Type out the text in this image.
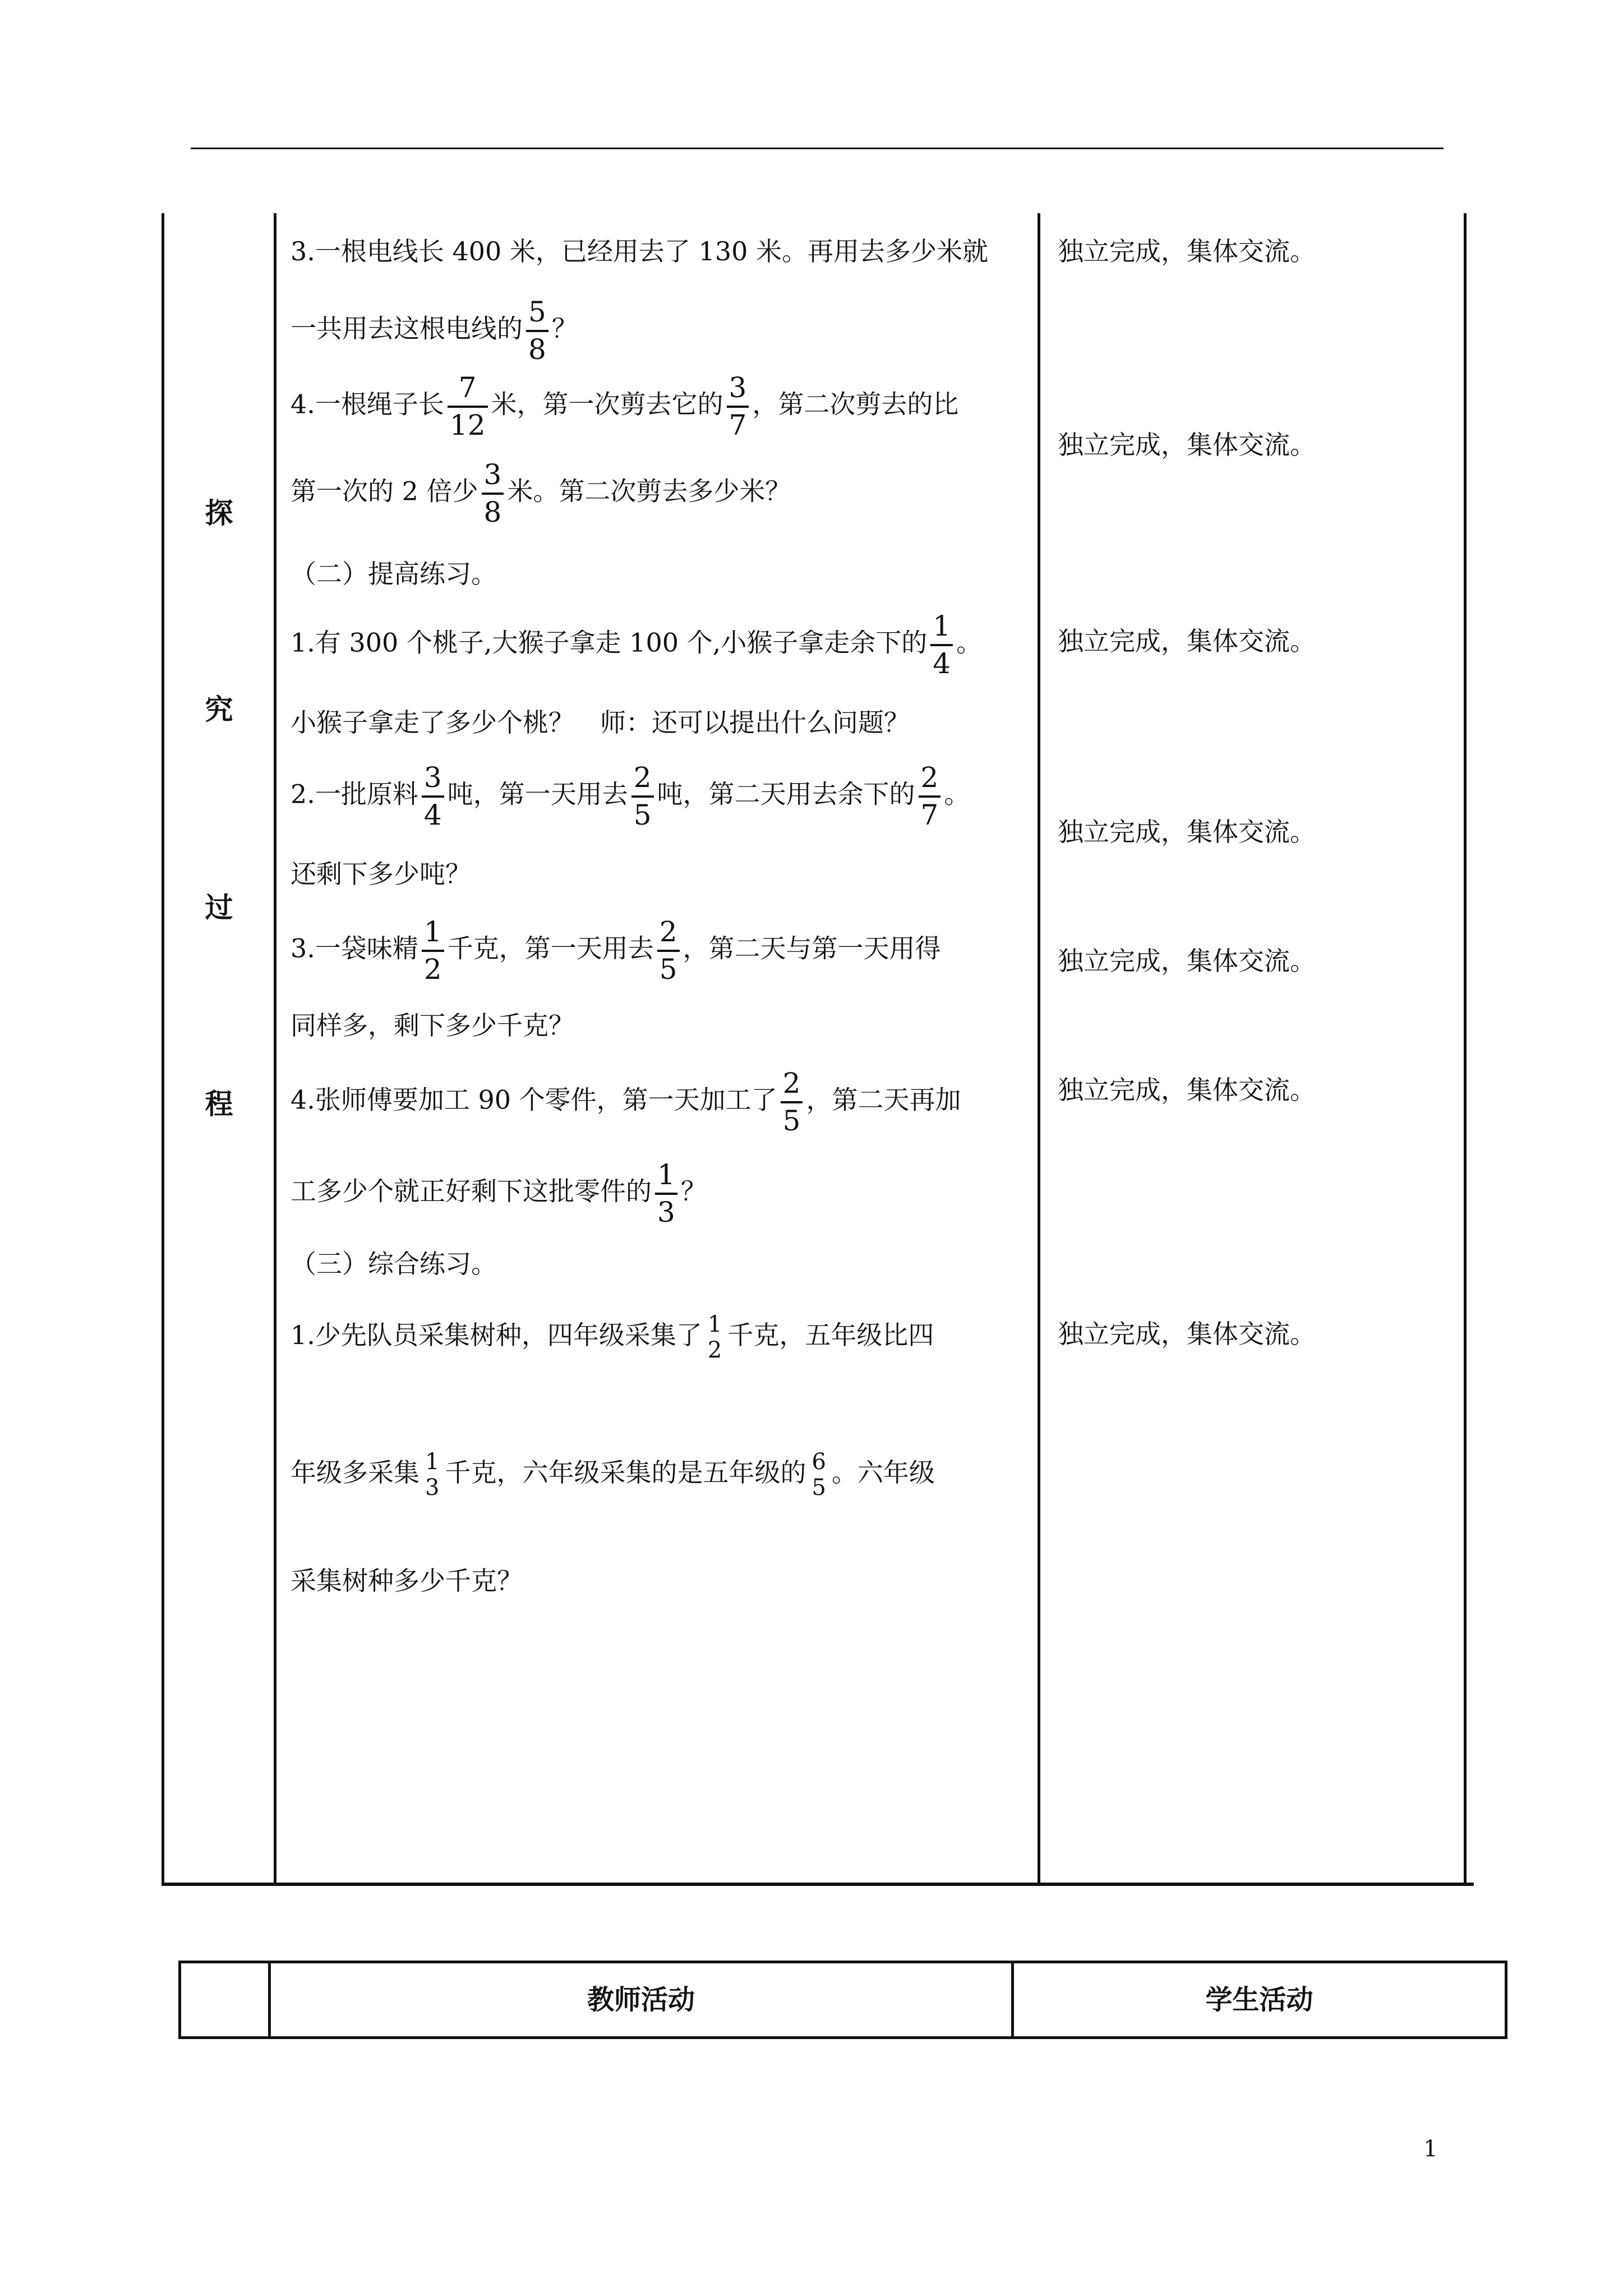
探
究
过
程
3.一根电线长 400 米，已经用去了 130 米。再用去多少米就
一共用去这根电线的 $\frac{5}{8}$ ？
独立完成，集体交流。
4.一根绳子长 $\frac{7}{12}$ 米，第一次剪去它的 $\frac{3}{7}$ ，第二次剪去的比
第一次的 2 倍少 $\frac{3}{8}$ 米。第二次剪去多少米？
独立完成，集体交流。
（二）提高练习。
1.有 300 个桃子,大猴子拿走 100 个,小猴子拿走余下的 $\frac{1}{4}$ 。
小猴子拿走了多少个桃？　师：还可以提出什么问题？
独立完成，集体交流。
2.一批原料 $\frac{3}{4}$ 吨，第一天用去 $\frac{2}{5}$ 吨，第二天用去余下的 $\frac{2}{7}$ 。
还剩下多少吨？
独立完成，集体交流。
3.一袋味精 $\frac{1}{2}$ 千克，第一天用去 $\frac{2}{5}$ ，第二天与第一天用得
同样多，剩下多少千克？
独立完成，集体交流。
4.张师傅要加工 90 个零件，第一天加工了 $\frac{2}{5}$ ，第二天再加
工多少个就正好剩下这批零件的 $\frac{1}{3}$ ？
独立完成，集体交流。
（三）综合练习。
1.少先队员采集树种，四年级采集了 1
2 千克，五年级比四
年级多采集 1
3 千克，六年级采集的是五年级的 6
5 。六年级
采集树种多少千克？
独立完成，集体交流。
教师活动	学生活动
1
